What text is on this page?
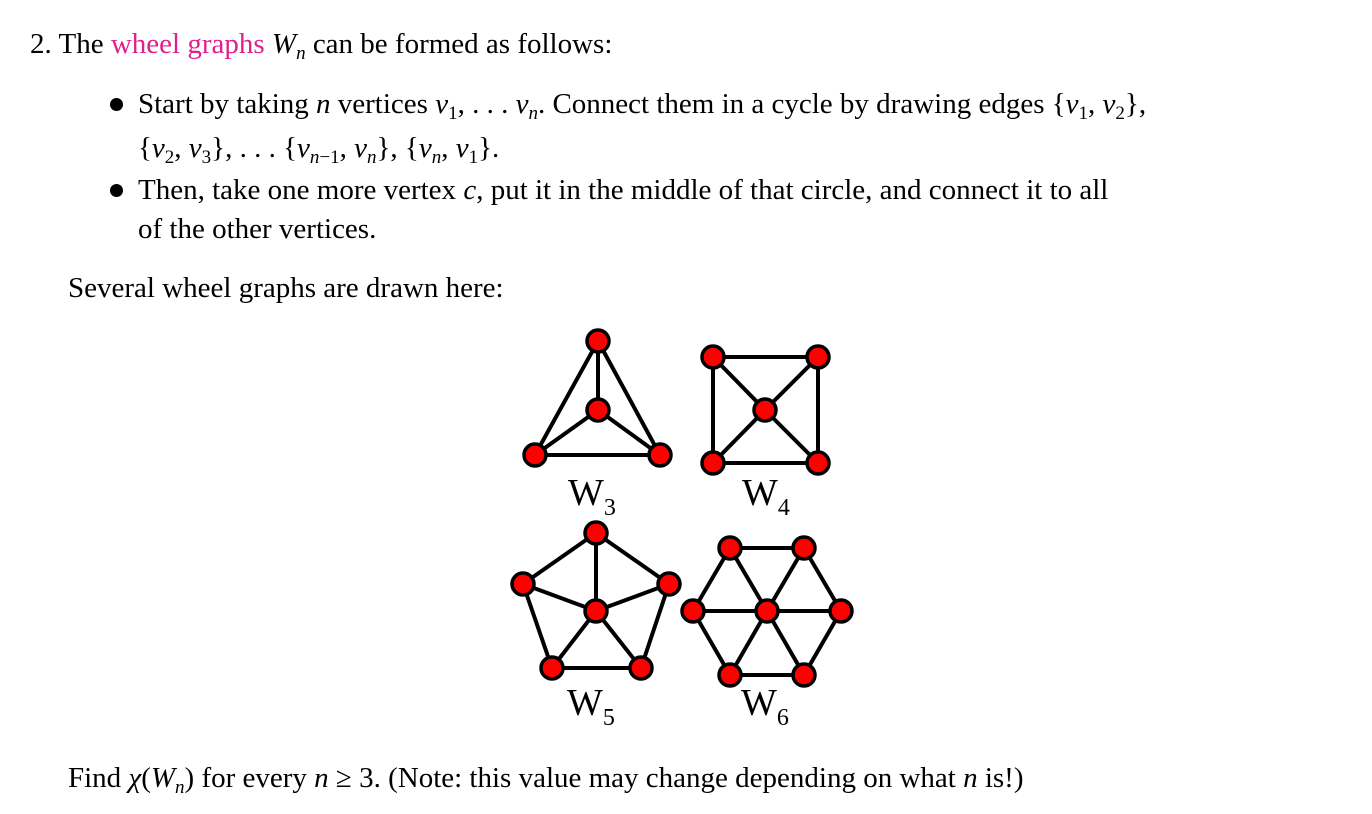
2. The wheel graphs $W_n$ can be formed as follows:
Start by taking n vertices $v_1$, . . . $v_n$. Connect them in a cycle by drawing edges {$v_1$, $v_2$},
{$v_2$, $v_3$}, . . . {$v_{n-1}$, $v_n$}, {$v_n$, $v_1$}.
Then, take one more vertex c, put it in the middle of that circle, and connect it to all
of the other vertices.
Several wheel graphs are drawn here:
$W_3$	$W_4$
$W_5$	$W_6$
Find $\chi(W_n)$ for every n ≥ 3. (Note: this value may change depending on what n is!)
